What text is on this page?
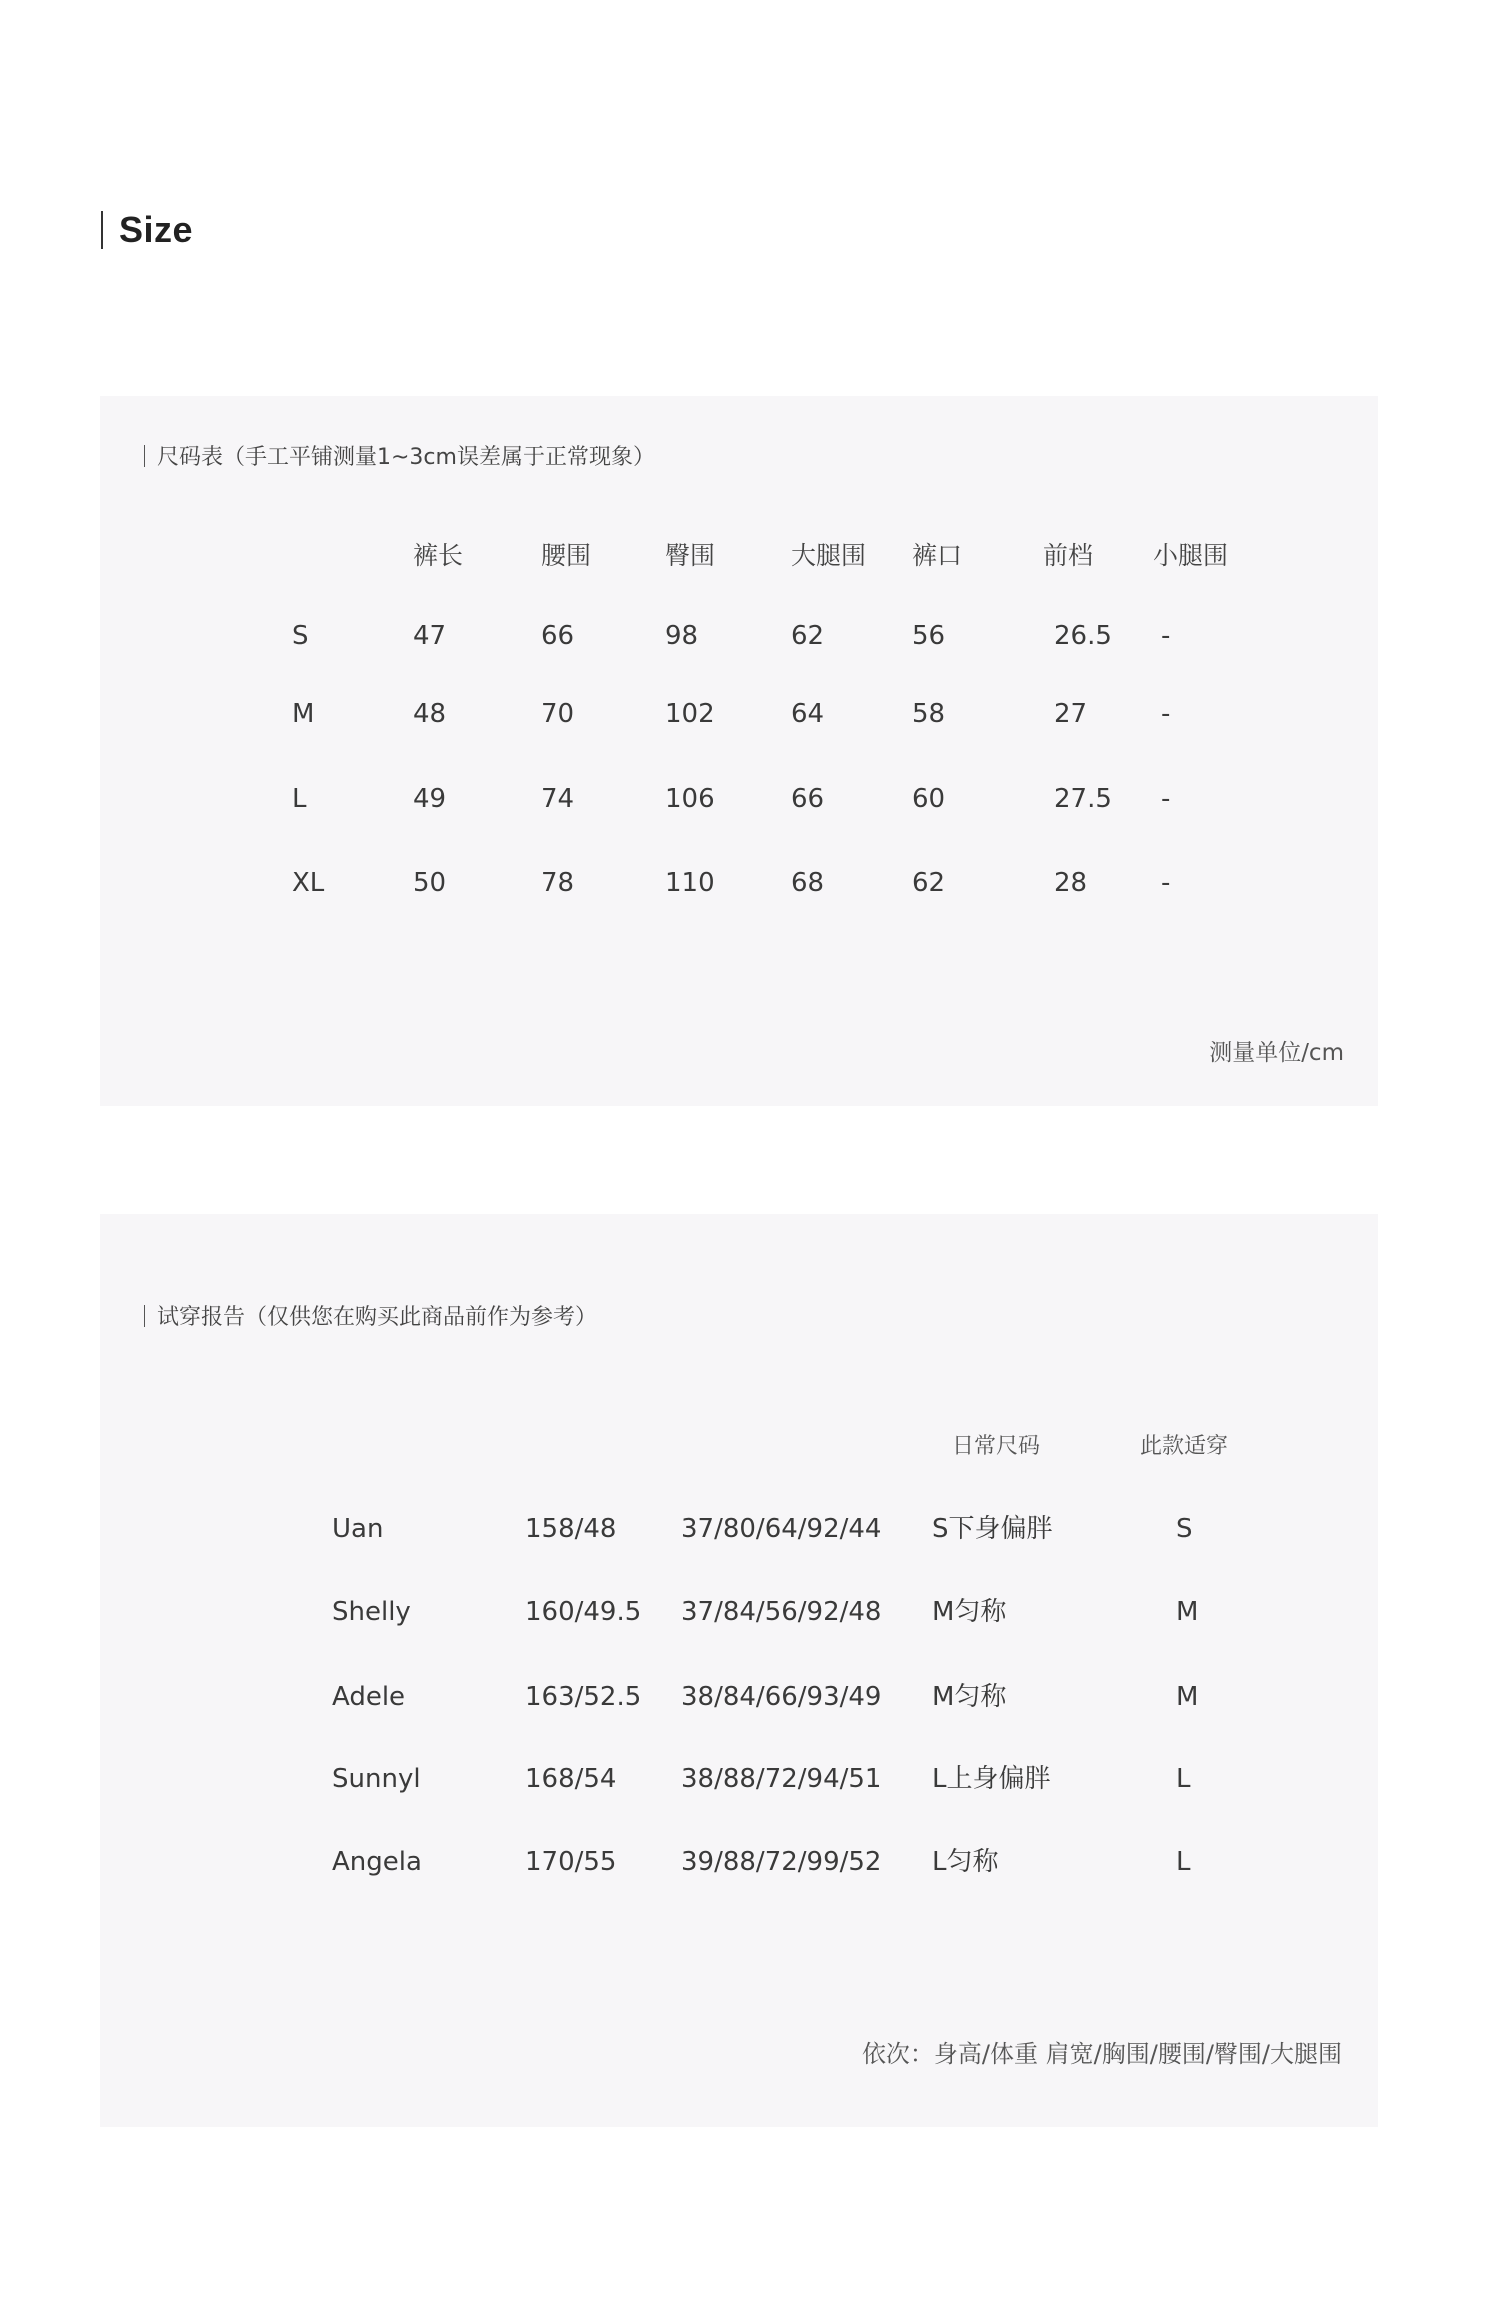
Size
尺码表（手工平铺测量1~3cm误差属于正常现象）
测量单位/cm
裤长	腰围	臀围	大腿围 裤口	前档 小腿围
S	47	66	98	62	56	26.5 -
M	48	70	102	64	58	27	-
L	49	74	106	66	60	27.5 -
XL	50	78	110	68	62	28	-
试穿报告（仅供您在购买此商品前作为参考）
依次：身高/体重 肩宽/胸围/腰围/臀围/大腿围
日常尺码	此款适穿
Uan	158/48 37/80/64/92/44 S下身偏胖	S
Shelly	160/49.5 37/84/56/92/48 M匀称	M
Adele	163/52.5 38/84/66/93/49 M匀称	M
Sunnyl	168/54 38/88/72/94/51 L上身偏胖	L
Angela	170/55 39/88/72/99/52 L匀称	L
